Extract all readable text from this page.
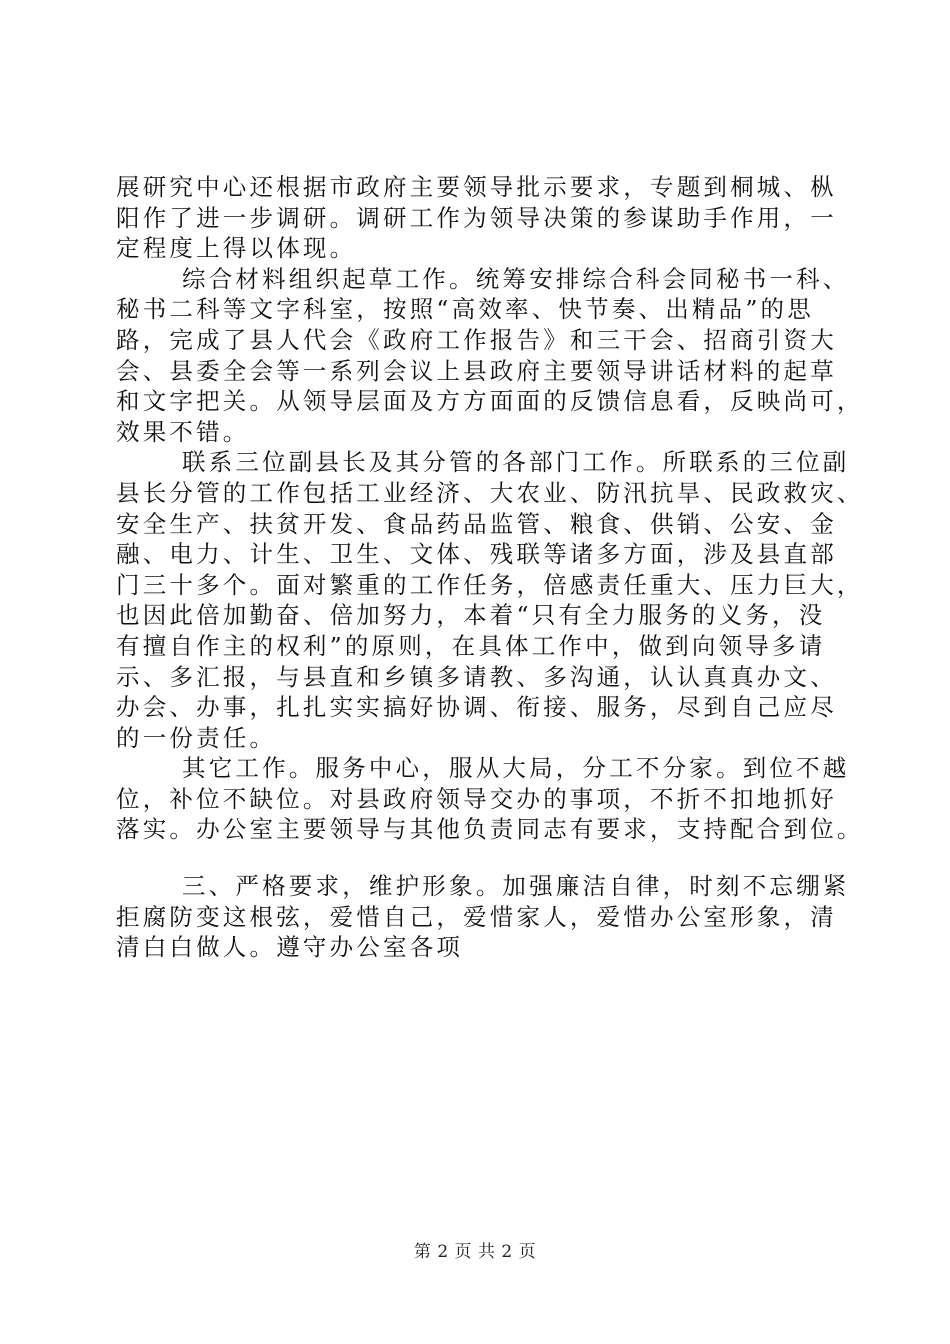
展研究中心还根据市政府主要领导批示要求，专题到桐城、枞
阳作了进一步调研。调研工作为领导决策的参谋助手作用，一
定程度上得以体现。
综合材料组织起草工作。统筹安排综合科会同秘书一科、
秘书二科等文字科室，按照“高效率、快节奏、出精品”的思
路，完成了县人代会《政府工作报告》和三干会、招商引资大
会、县委全会等一系列会议上县政府主要领导讲话材料的起草
和文字把关。从领导层面及方方面面的反馈信息看，反映尚可，
效果不错。
联系三位副县长及其分管的各部门工作。所联系的三位副
县长分管的工作包括工业经济、大农业、防汛抗旱、民政救灾、
安全生产、扶贫开发、食品药品监管、粮食、供销、公安、金
融、电力、计生、卫生、文体、残联等诸多方面，涉及县直部
门三十多个。面对繁重的工作任务，倍感责任重大、压力巨大，
也因此倍加勤奋、倍加努力，本着“只有全力服务的义务，没
有擅自作主的权利”的原则，在具体工作中，做到向领导多请
示、多汇报，与县直和乡镇多请教、多沟通，认认真真办文、
办会、办事，扎扎实实搞好协调、衔接、服务，尽到自己应尽
的一份责任。
其它工作。服务中心，服从大局，分工不分家。到位不越
位，补位不缺位。对县政府领导交办的事项，不折不扣地抓好
落实。办公室主要领导与其他负责同志有要求，支持配合到位。
三、严格要求，维护形象。加强廉洁自律，时刻不忘绷紧
拒腐防变这根弦，爱惜自己，爱惜家人，爱惜办公室形象，清
清白白做人。遵守办公室各项
第 2 页 共 2 页
